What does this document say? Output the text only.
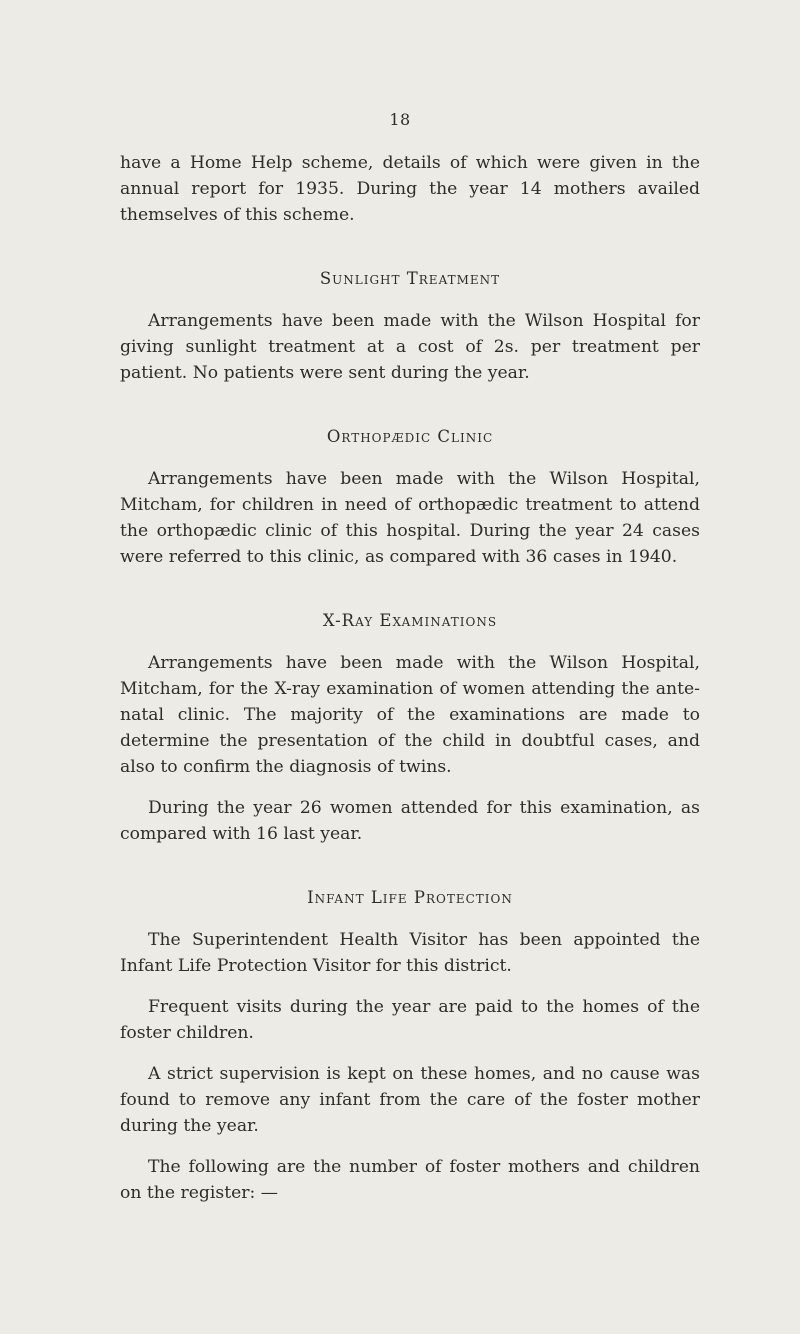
18

have a Home Help scheme, details of which were given in the annual report for 1935. During the year 14 mothers availed themselves of this scheme.

Sunlight Treatment

Arrangements have been made with the Wilson Hospital for giving sunlight treatment at a cost of 2s. per treatment per patient. No patients were sent during the year.

Orthopædic Clinic

Arrangements have been made with the Wilson Hospital, Mitcham, for children in need of orthopædic treatment to attend the orthopædic clinic of this hospital. During the year 24 cases were referred to this clinic, as compared with 36 cases in 1940.

X-Ray Examinations

Arrangements have been made with the Wilson Hospital, Mitcham, for the X-ray examination of women attending the ante-natal clinic. The majority of the examinations are made to determine the presentation of the child in doubtful cases, and also to confirm the diagnosis of twins.

During the year 26 women attended for this examination, as compared with 16 last year.

Infant Life Protection

The Superintendent Health Visitor has been appointed the Infant Life Protection Visitor for this district.

Frequent visits during the year are paid to the homes of the foster children.

A strict supervision is kept on these homes, and no cause was found to remove any infant from the care of the foster mother during the year.

The following are the number of foster mothers and children on the register: —
